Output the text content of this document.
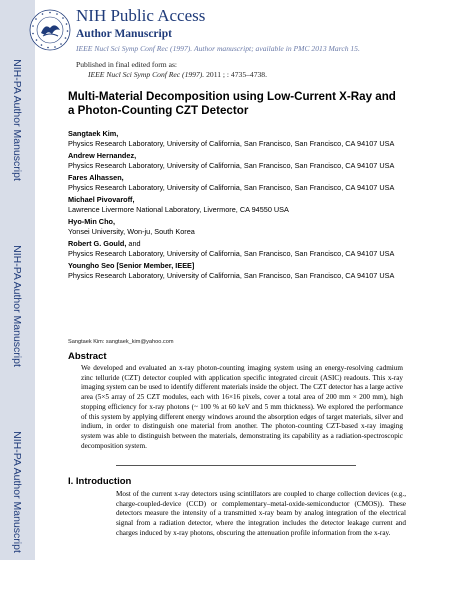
NIH-PA Author Manuscript
NIH-PA Author Manuscript
NIH-PA Author Manuscript
NIH Public Access
Author Manuscript
IEEE Nucl Sci Symp Conf Rec (1997). Author manuscript; available in PMC 2013 March 15.
Published in final edited form as:
IEEE Nucl Sci Symp Conf Rec (1997). 2011 ; : 4735–4738.
Multi-Material Decomposition using Low-Current X-Ray and a Photon-Counting CZT Detector
Sangtaek Kim,
Physics Research Laboratory, University of California, San Francisco, San Francisco, CA 94107 USA
Andrew Hernandez,
Physics Research Laboratory, University of California, San Francisco, San Francisco, CA 94107 USA
Fares Alhassen,
Physics Research Laboratory, University of California, San Francisco, San Francisco, CA 94107 USA
Michael Pivovaroff,
Lawrence Livermore National Laboratory, Livermore, CA 94550 USA
Hyo-Min Cho,
Yonsei University, Won-ju, South Korea
Robert G. Gould, and
Physics Research Laboratory, University of California, San Francisco, San Francisco, CA 94107 USA
Youngho Seo [Senior Member, IEEE]
Physics Research Laboratory, University of California, San Francisco, San Francisco, CA 94107 USA
Sangtaek Kim: sangtaek_kim@yahoo.com
Abstract
We developed and evaluated an x-ray photon-counting imaging system using an energy-resolving cadmium zinc telluride (CZT) detector coupled with application specific integrated circuit (ASIC) readouts. This x-ray imaging system can be used to identify different materials inside the object. The CZT detector has a large active area (5×5 array of 25 CZT modules, each with 16×16 pixels, cover a total area of 200 mm × 200 mm), high stopping efficiency for x-ray photons (~ 100 % at 60 keV and 5 mm thickness). We explored the performance of this system by applying different energy windows around the absorption edges of target materials, silver and indium, in order to distinguish one material from another. The photon-counting CZT-based x-ray imaging system was able to distinguish between the materials, demonstrating its capability as a radiation-spectroscopic decomposition system.
I. Introduction
Most of the current x-ray detectors using scintillators are coupled to charge collection devices (e.g., charge-coupled-device (CCD) or complementary–metal-oxide-semiconductor (CMOS)). These detectors measure the intensity of a transmitted x-ray beam by analog integration of the electrical signal from a radiation detector, where the integration includes the detector leakage current and charges induced by x-ray photons, obscuring the attenuation profile information from the x-ray.
